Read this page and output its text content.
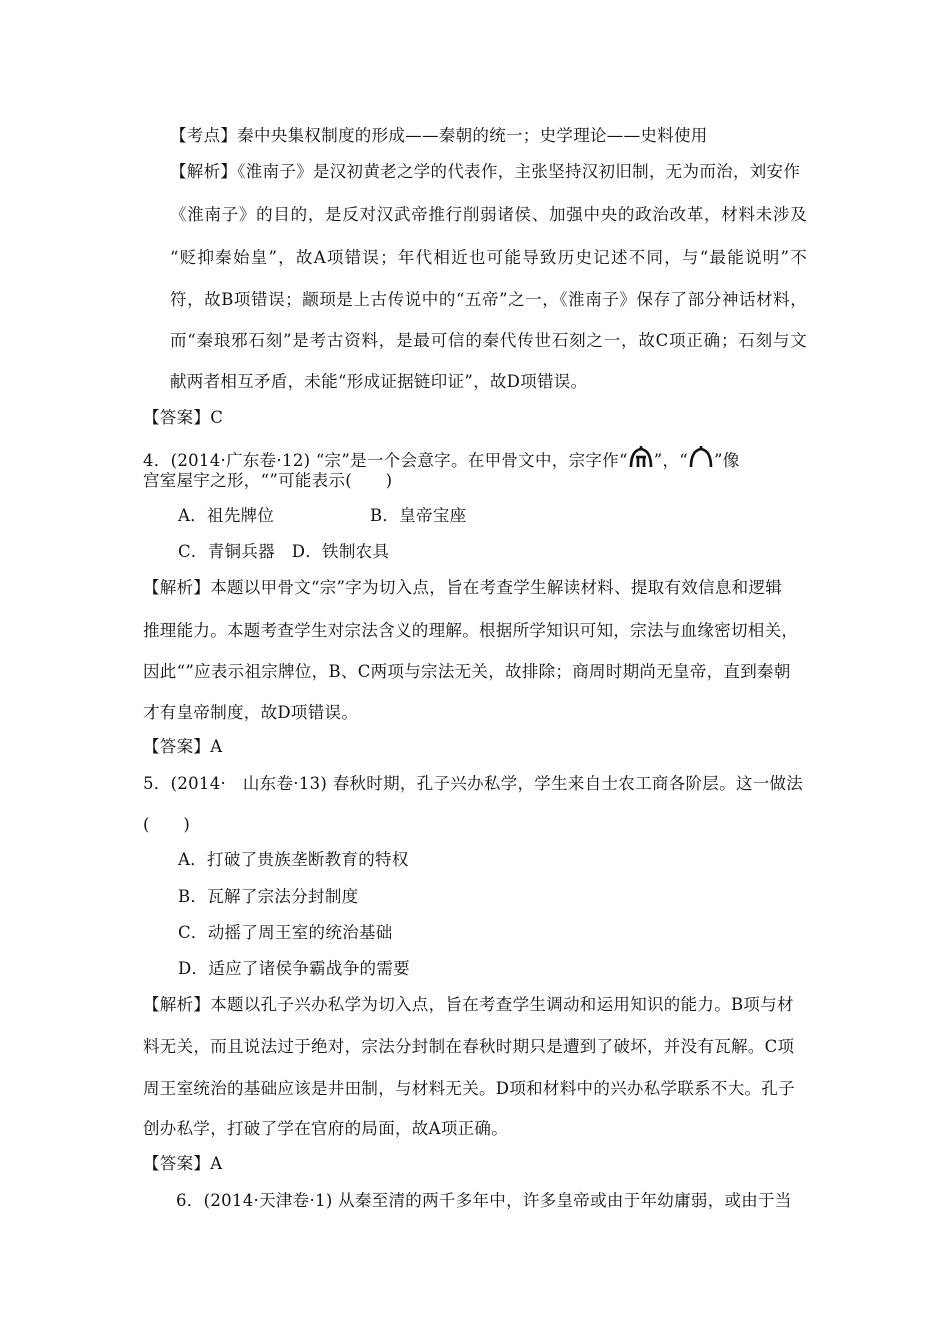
【考点】秦中央集权制度的形成——秦朝的统一；史学理论——史料使用
【解析】《淮南子》是汉初黄老之学的代表作，主张坚持汉初旧制，无为而治，刘安作
《淮南子》的目的，是反对汉武帝推行削弱诸侯、加强中央的政治改革，材料未涉及
“贬抑秦始皇”，故A项错误；年代相近也可能导致历史记述不同，与“最能说明”不
符，故B项错误；颛顼是上古传说中的“五帝”之一，《淮南子》保存了部分神话材料，
而“秦琅邪石刻”是考古资料，是最可信的秦代传世石刻之一，故C项正确；石刻与文
献两者相互矛盾，未能“形成证据链印证”，故D项错误。
【答案】C
4．(2014·广东卷·12) “宗”是一个会意字。在甲骨文中，宗字作“ ”，“ ”像
宫室屋宇之形，“”可能表示(　　)
A．祖先牌位	B．皇帝宝座
C．青铜兵器　D．铁制农具
【解析】本题以甲骨文“宗”字为切入点，旨在考查学生解读材料、提取有效信息和逻辑
推理能力。本题考查学生对宗法含义的理解。根据所学知识可知，宗法与血缘密切相关，
因此“”应表示祖宗牌位，B、C两项与宗法无关，故排除；商周时期尚无皇帝，直到秦朝
才有皇帝制度，故D项错误。
【答案】A
5．(2014·　山东卷·13) 春秋时期，孔子兴办私学，学生来自士农工商各阶层。这一做法
(　　)
A．打破了贵族垄断教育的特权
B．瓦解了宗法分封制度
C．动摇了周王室的统治基础
D．适应了诸侯争霸战争的需要
【解析】本题以孔子兴办私学为切入点，旨在考查学生调动和运用知识的能力。B项与材
料无关，而且说法过于绝对，宗法分封制在春秋时期只是遭到了破坏，并没有瓦解。C项
周王室统治的基础应该是井田制，与材料无关。D项和材料中的兴办私学联系不大。孔子
创办私学，打破了学在官府的局面，故A项正确。
【答案】A
6．(2014·天津卷·1) 从秦至清的两千多年中，许多皇帝或由于年幼庸弱，或由于当
